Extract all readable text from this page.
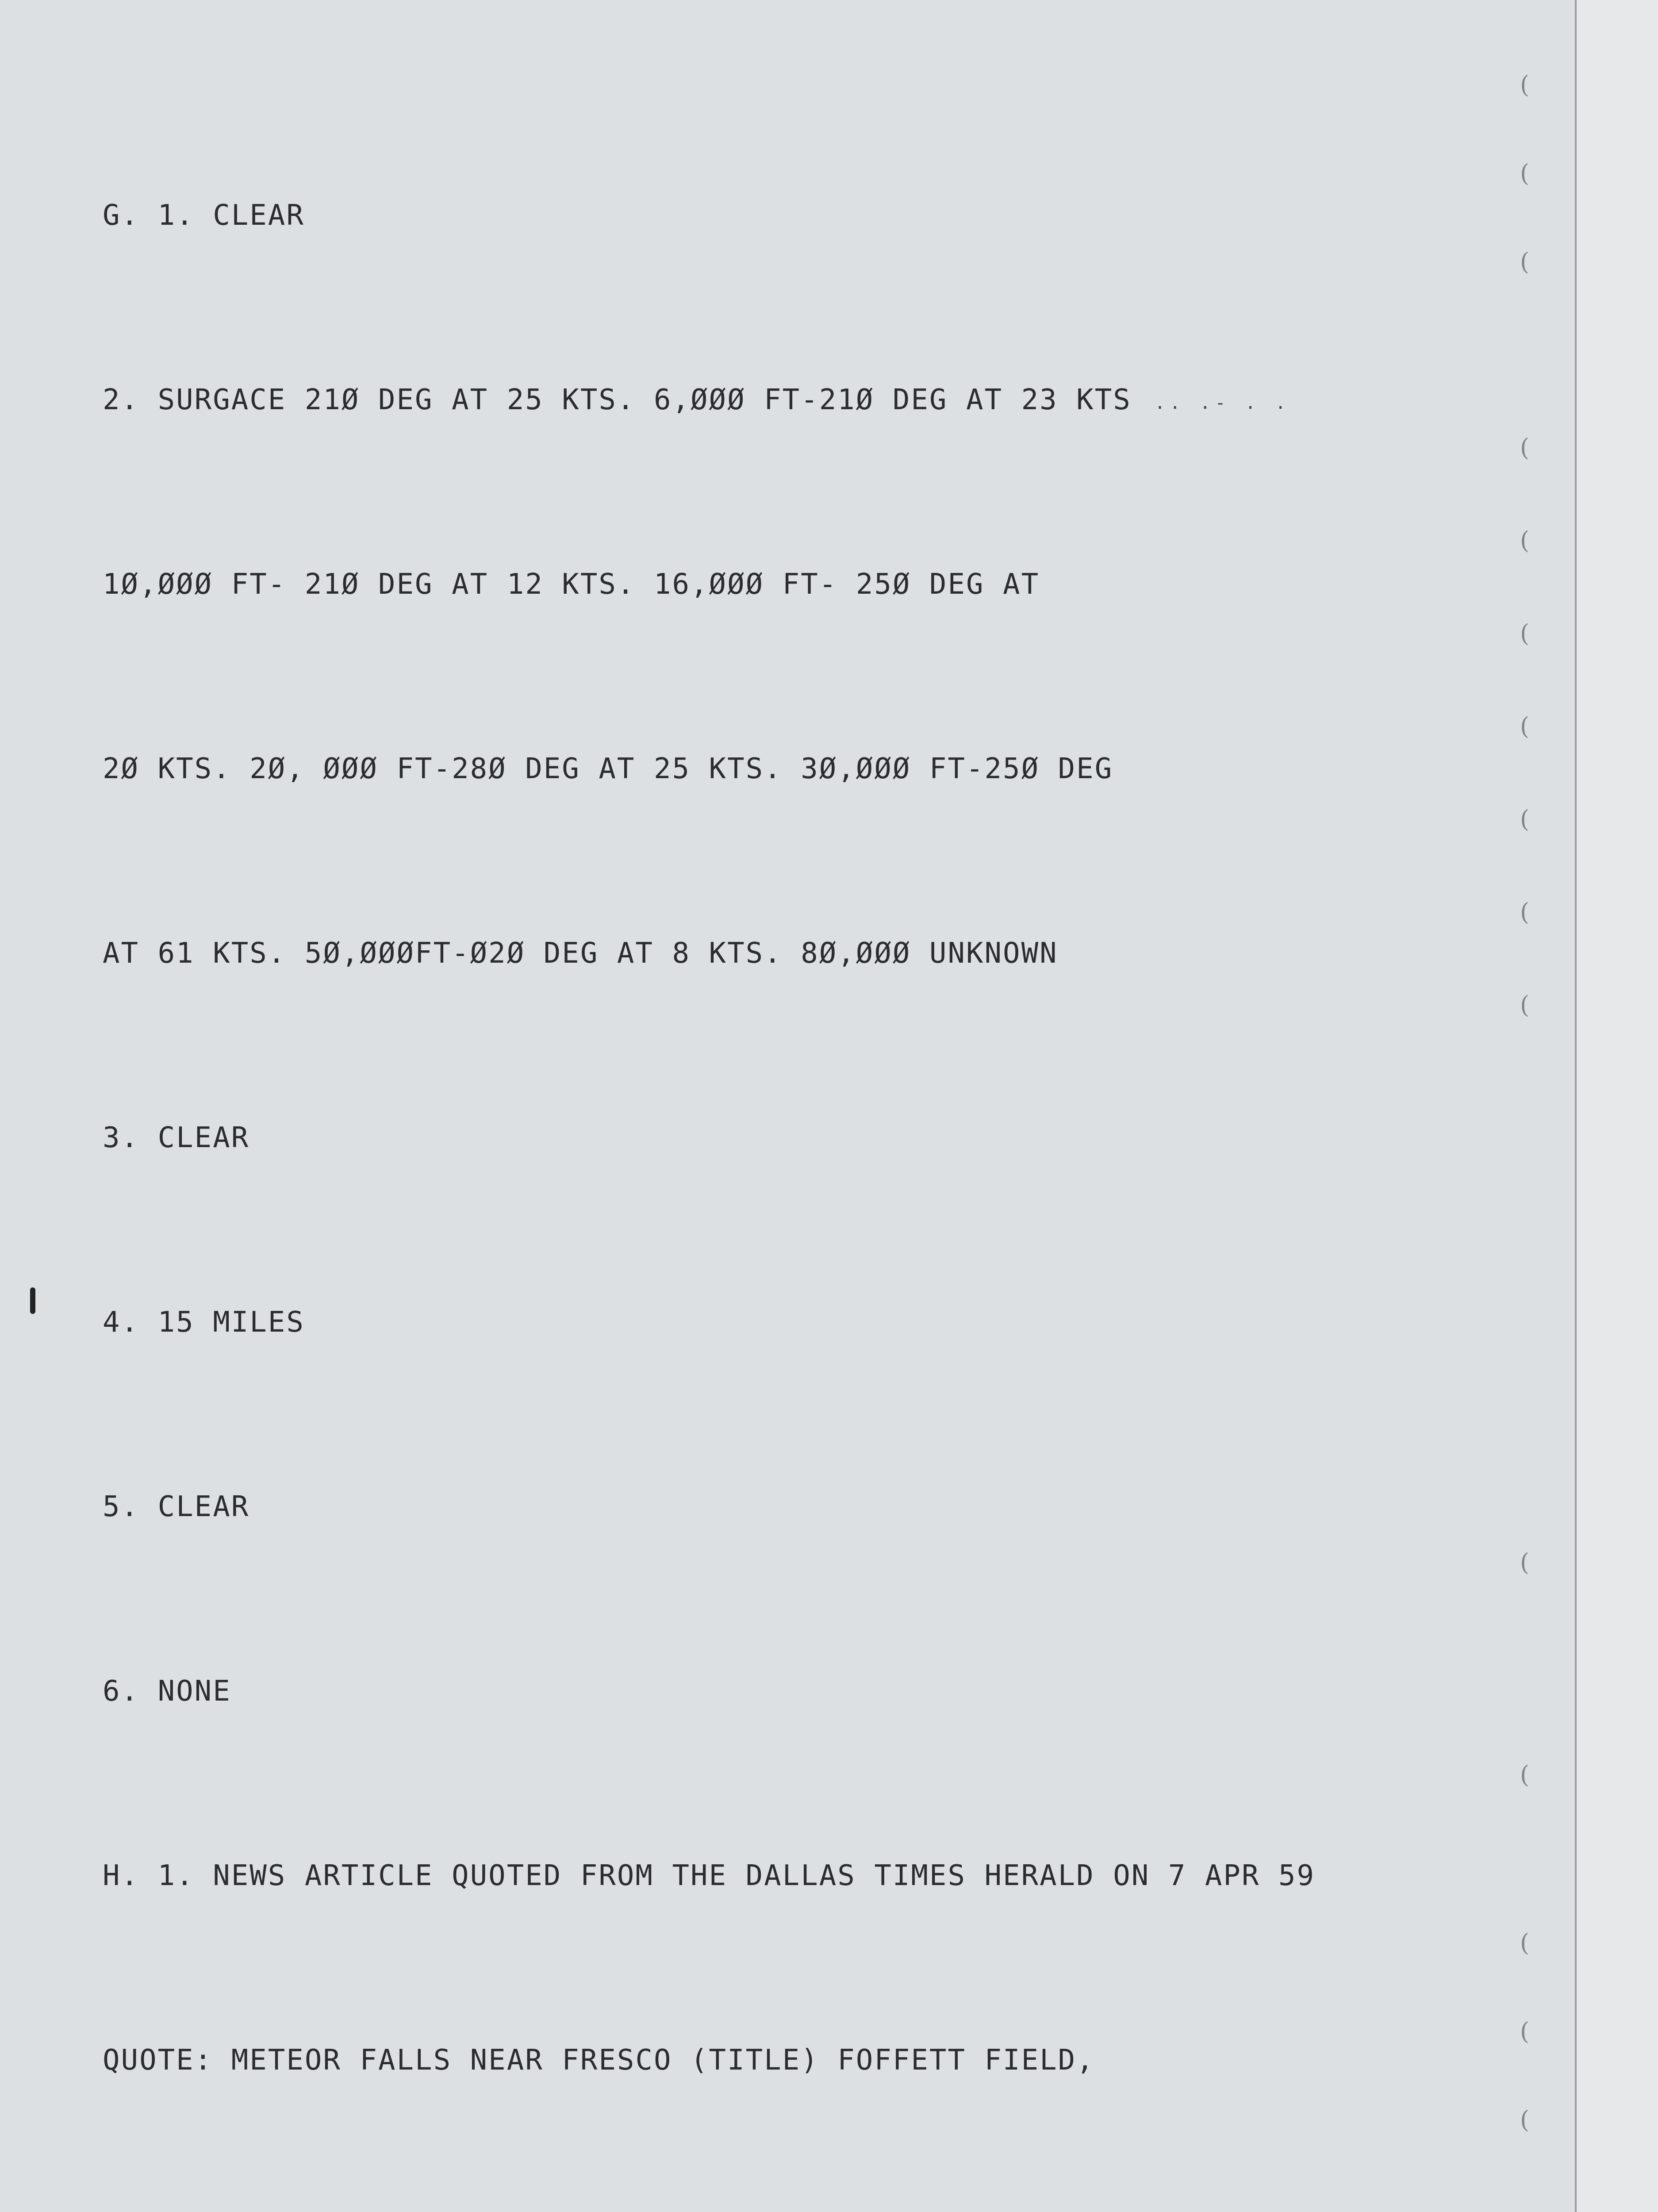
(
(
(
(
(
(
(
(
(
(
(
(
(
(
(
.. .- . .

G. 1. CLEAR

2. SURGACE 21Ø DEG AT 25 KTS. 6,ØØØ FT-21Ø DEG AT 23 KTS

1Ø,ØØØ FT- 21Ø DEG AT 12 KTS. 16,ØØØ FT- 25Ø DEG AT

2Ø KTS. 2Ø, ØØØ FT-28Ø DEG AT 25 KTS. 3Ø,ØØØ FT-25Ø DEG

AT 61 KTS. 5Ø,ØØØFT-Ø2Ø DEG AT 8 KTS. 8Ø,ØØØ UNKNOWN

3. CLEAR

4. 15 MILES

5. CLEAR

6. NONE

H. 1. NEWS ARTICLE QUOTED FROM THE DALLAS TIMES HERALD ON 7 APR 59

QUOTE: METEOR FALLS NEAR FRESCO (TITLE) FOFFETT FIELD,
